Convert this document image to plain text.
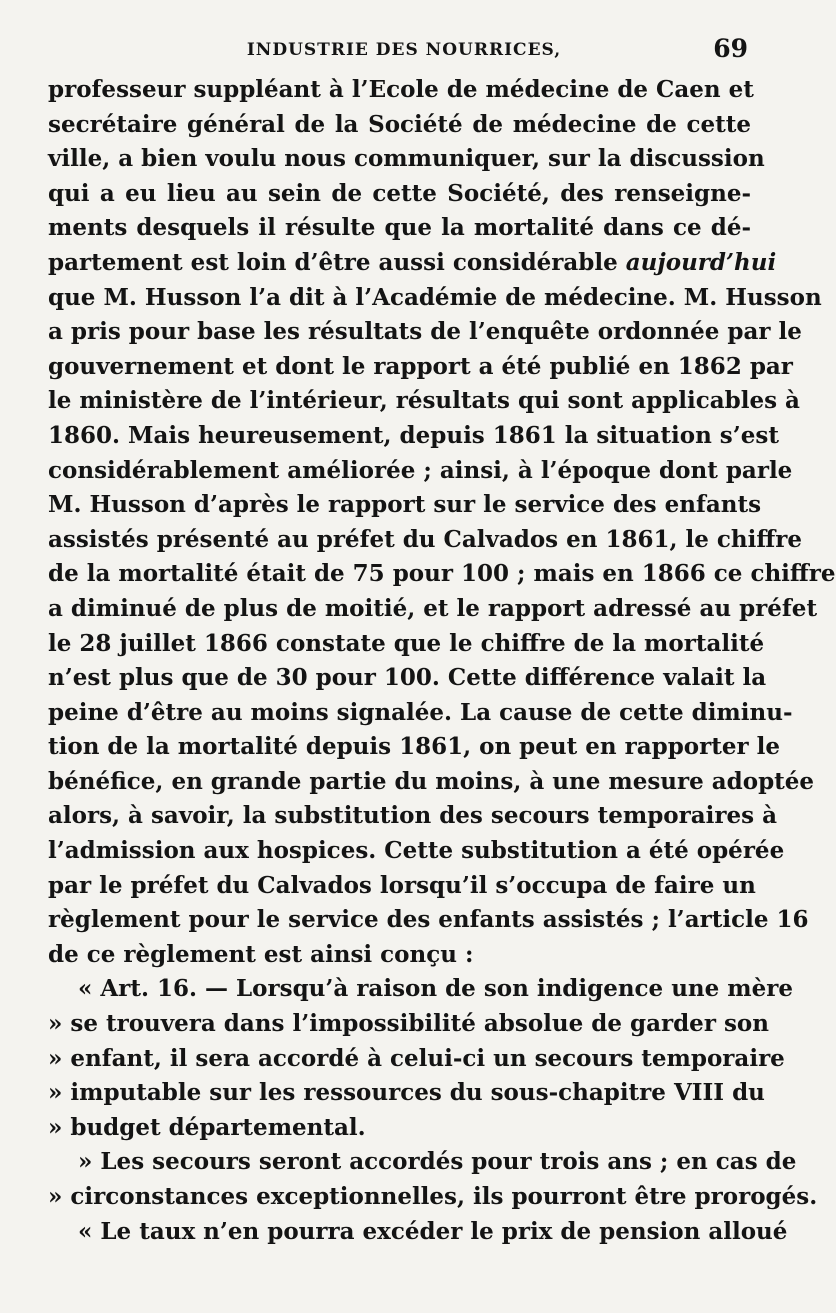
INDUSTRIE DES NOURRICES,	69
professeur suppléant à l’Ecole de médecine de Caen et
secrétaire général de la Société de médecine de cette
ville, a bien voulu nous communiquer, sur la discussion
qui a eu lieu au sein de cette Société, des renseigne-
ments desquels il résulte que la mortalité dans ce dé-
partement est loin d’être aussi considérable aujourd’hui
que M. Husson l’a dit à l’Académie de médecine. M. Husson
a pris pour base les résultats de l’enquête ordonnée par le
gouvernement et dont le rapport a été publié en 1862 par
le ministère de l’intérieur, résultats qui sont applicables à
1860. Mais heureusement, depuis 1861 la situation s’est
considérablement améliorée ; ainsi, à l’époque dont parle
M. Husson d’après le rapport sur le service des enfants
assistés présenté au préfet du Calvados en 1861, le chiffre
de la mortalité était de 75 pour 100 ; mais en 1866 ce chiffre
a diminué de plus de moitié, et le rapport adressé au préfet
le 28 juillet 1866 constate que le chiffre de la mortalité
n’est plus que de 30 pour 100. Cette différence valait la
peine d’être au moins signalée. La cause de cette diminu-
tion de la mortalité depuis 1861, on peut en rapporter le
bénéfice, en grande partie du moins, à une mesure adoptée
alors, à savoir, la substitution des secours temporaires à
l’admission aux hospices. Cette substitution a été opérée
par le préfet du Calvados lorsqu’il s’occupa de faire un
règlement pour le service des enfants assistés ; l’article 16
de ce règlement est ainsi conçu :
« Art. 16. — Lorsqu’à raison de son indigence une mère
» se trouvera dans l’impossibilité absolue de garder son
» enfant, il sera accordé à celui-ci un secours temporaire
» imputable sur les ressources du sous-chapitre VIII du
» budget départemental.
» Les secours seront accordés pour trois ans ; en cas de
» circonstances exceptionnelles, ils pourront être prorogés.
« Le taux n’en pourra excéder le prix de pension alloué
